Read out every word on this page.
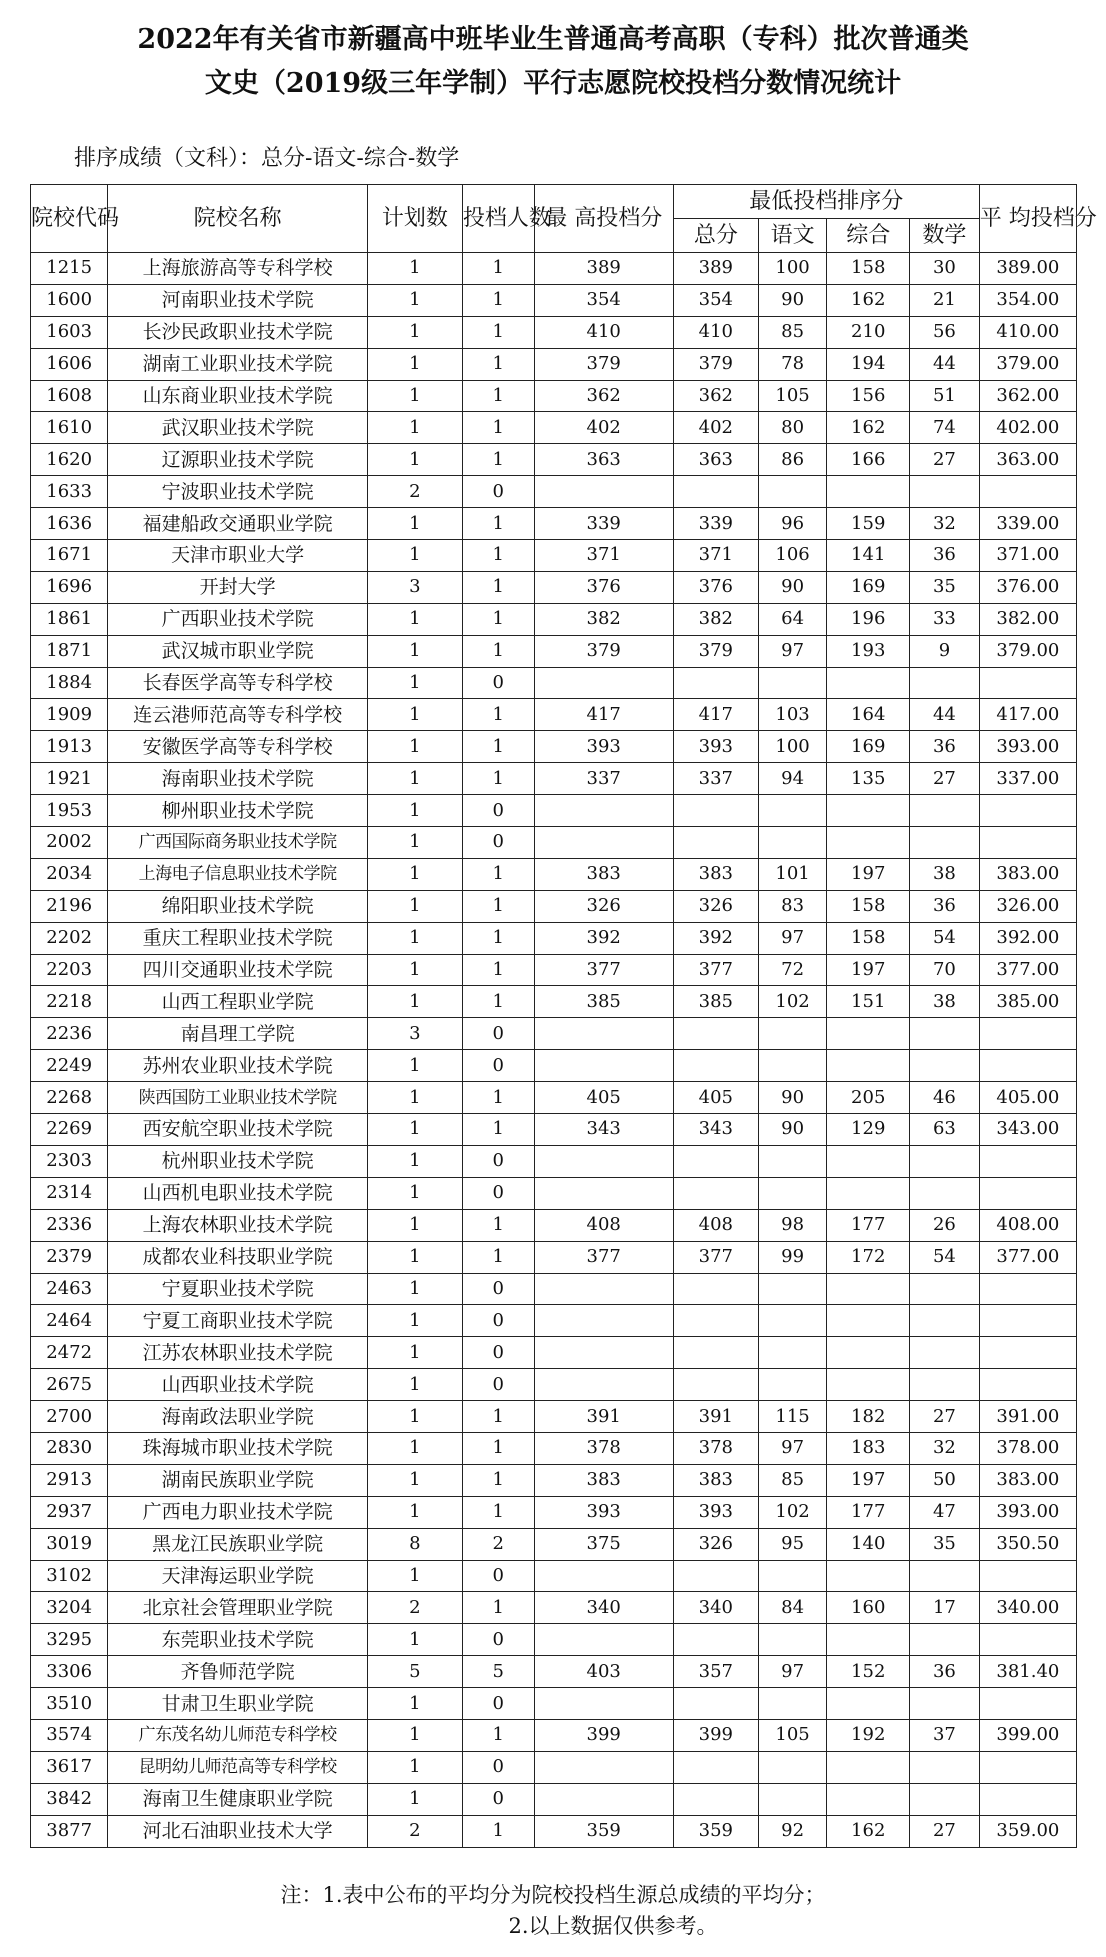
2022年有关省市新疆高中班毕业生普通高考高职（专科）批次普通类
文史（2019级三年学制）平行志愿院校投档分数情况统计
排序成绩（文科）：总分-语文-综合-数学
院校代码	院校名称	计划数	投档人数	最 高投档分	最低投档排序分				平 均投档分
					总分	语文	综合	数学	
1215	上海旅游高等专科学校	1	1	389	389	100	158	30	389.00
1600	河南职业技术学院	1	1	354	354	90	162	21	354.00
1603	长沙民政职业技术学院	1	1	410	410	85	210	56	410.00
1606	湖南工业职业技术学院	1	1	379	379	78	194	44	379.00
1608	山东商业职业技术学院	1	1	362	362	105	156	51	362.00
1610	武汉职业技术学院	1	1	402	402	80	162	74	402.00
1620	辽源职业技术学院	1	1	363	363	86	166	27	363.00
1633	宁波职业技术学院	2	0						
1636	福建船政交通职业学院	1	1	339	339	96	159	32	339.00
1671	天津市职业大学	1	1	371	371	106	141	36	371.00
1696	开封大学	3	1	376	376	90	169	35	376.00
1861	广西职业技术学院	1	1	382	382	64	196	33	382.00
1871	武汉城市职业学院	1	1	379	379	97	193	9	379.00
1884	长春医学高等专科学校	1	0						
1909	连云港师范高等专科学校	1	1	417	417	103	164	44	417.00
1913	安徽医学高等专科学校	1	1	393	393	100	169	36	393.00
1921	海南职业技术学院	1	1	337	337	94	135	27	337.00
1953	柳州职业技术学院	1	0						
2002	广西国际商务职业技术学院	1	0						
2034	上海电子信息职业技术学院	1	1	383	383	101	197	38	383.00
2196	绵阳职业技术学院	1	1	326	326	83	158	36	326.00
2202	重庆工程职业技术学院	1	1	392	392	97	158	54	392.00
2203	四川交通职业技术学院	1	1	377	377	72	197	70	377.00
2218	山西工程职业学院	1	1	385	385	102	151	38	385.00
2236	南昌理工学院	3	0						
2249	苏州农业职业技术学院	1	0						
2268	陕西国防工业职业技术学院	1	1	405	405	90	205	46	405.00
2269	西安航空职业技术学院	1	1	343	343	90	129	63	343.00
2303	杭州职业技术学院	1	0						
2314	山西机电职业技术学院	1	0						
2336	上海农林职业技术学院	1	1	408	408	98	177	26	408.00
2379	成都农业科技职业学院	1	1	377	377	99	172	54	377.00
2463	宁夏职业技术学院	1	0						
2464	宁夏工商职业技术学院	1	0						
2472	江苏农林职业技术学院	1	0						
2675	山西职业技术学院	1	0						
2700	海南政法职业学院	1	1	391	391	115	182	27	391.00
2830	珠海城市职业技术学院	1	1	378	378	97	183	32	378.00
2913	湖南民族职业学院	1	1	383	383	85	197	50	383.00
2937	广西电力职业技术学院	1	1	393	393	102	177	47	393.00
3019	黑龙江民族职业学院	8	2	375	326	95	140	35	350.50
3102	天津海运职业学院	1	0						
3204	北京社会管理职业学院	2	1	340	340	84	160	17	340.00
3295	东莞职业技术学院	1	0						
3306	齐鲁师范学院	5	5	403	357	97	152	36	381.40
3510	甘肃卫生职业学院	1	0						
3574	广东茂名幼儿师范专科学校	1	1	399	399	105	192	37	399.00
3617	昆明幼儿师范高等专科学校	1	0						
3842	海南卫生健康职业学院	1	0						
3877	河北石油职业技术大学	2	1	359	359	92	162	27	359.00
注：1.表中公布的平均分为院校投档生源总成绩的平均分；
2.以上数据仅供参考。
